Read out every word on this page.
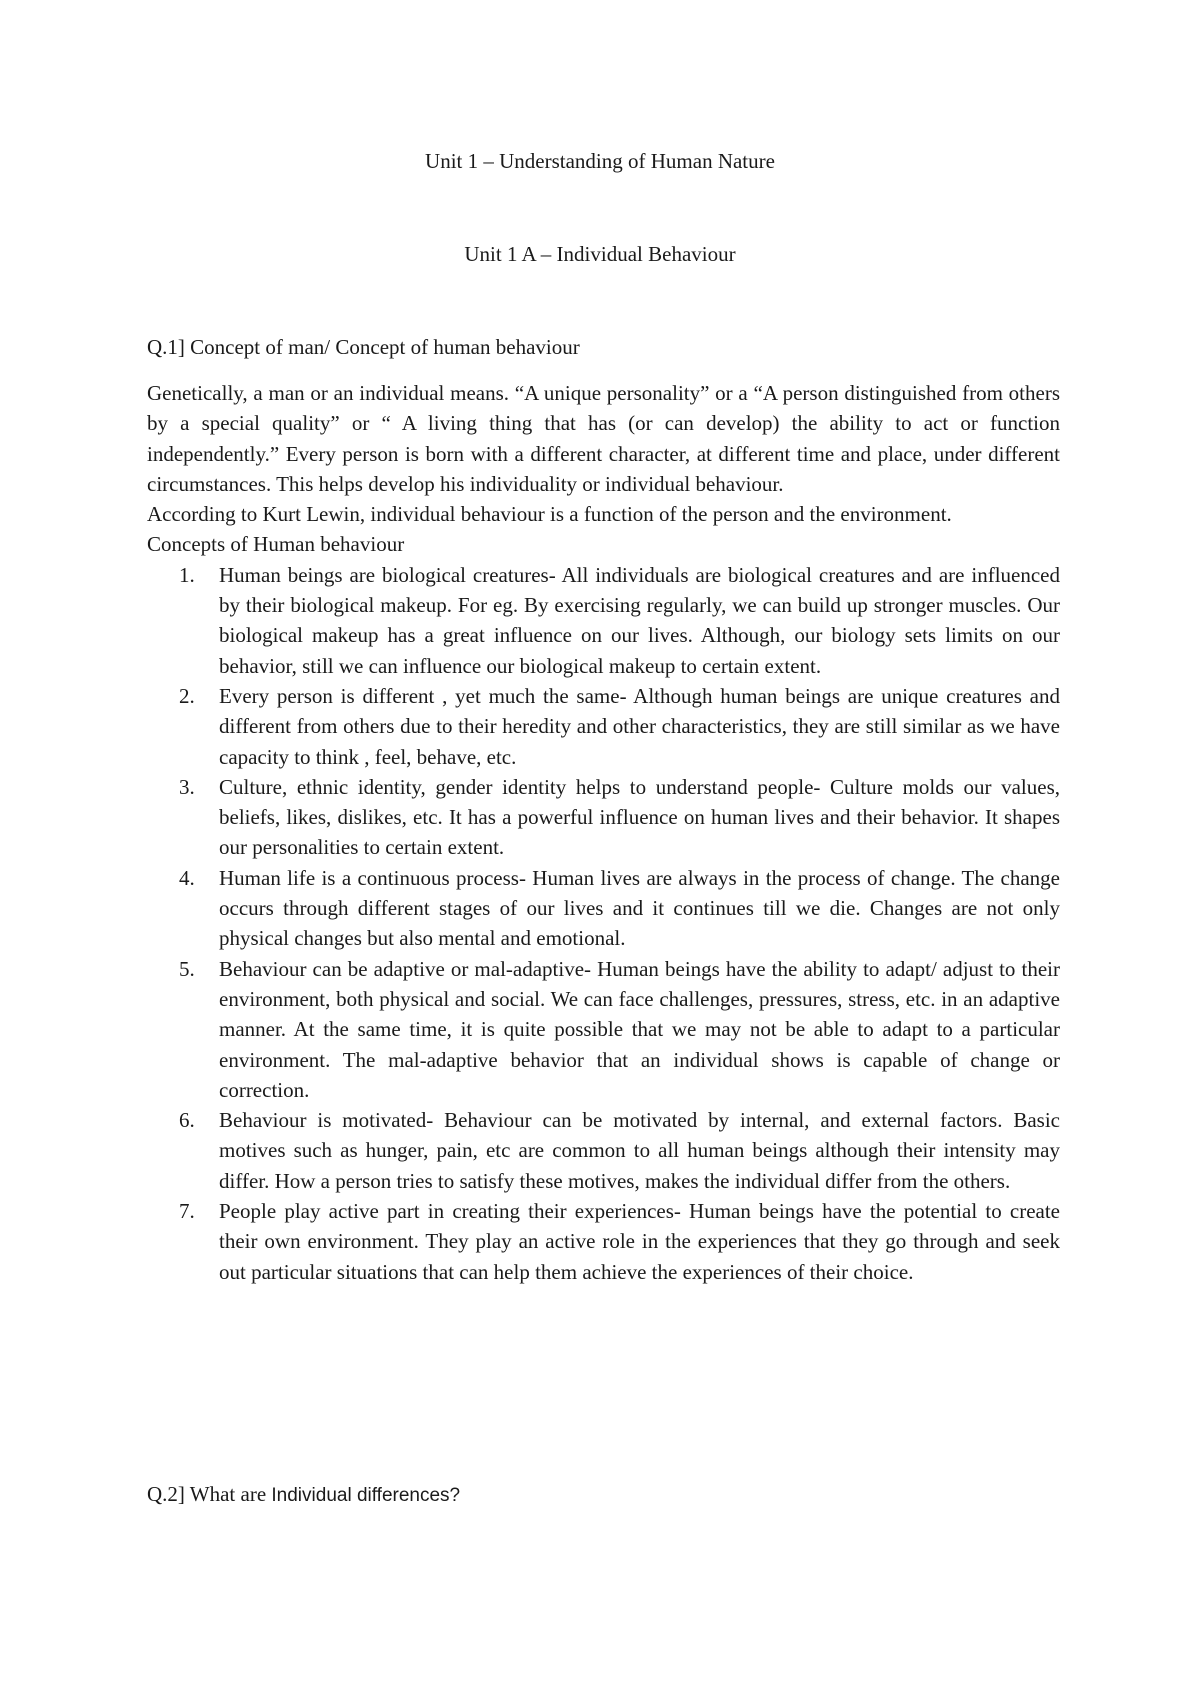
Unit 1 – Understanding of Human Nature
Unit 1 A – Individual Behaviour

Q.1] Concept of man/ Concept of human behaviour

Genetically, a man or an individual means. “A unique personality” or a “A person distinguished from others by a special quality” or “ A living thing that has (or can develop) the ability to act or function independently.” Every person is born with a different character, at different time and place, under different circumstances. This helps develop his individuality or individual behaviour.

According to Kurt Lewin, individual behaviour is a function of the person and the environment.

Concepts of Human behaviour

1. Human beings are biological creatures- All individuals are biological creatures and are influenced by their biological makeup. For eg. By exercising regularly, we can build up stronger muscles. Our biological makeup has a great influence on our lives. Although, our biology sets limits on our behavior, still we can influence our biological makeup to certain extent.
2. Every person is different , yet much the same- Although human beings are unique creatures and different from others due to their heredity and other characteristics, they are still similar as we have capacity to think , feel, behave, etc.
3. Culture, ethnic identity, gender identity helps to understand people- Culture molds our values, beliefs, likes, dislikes, etc. It has a powerful influence on human lives and their behavior. It shapes our personalities to certain extent.
4. Human life is a continuous process- Human lives are always in the process of change. The change occurs through different stages of our lives and it continues till we die. Changes are not only physical changes but also mental and emotional.
5. Behaviour can be adaptive or mal-adaptive- Human beings have the ability to adapt/ adjust to their environment, both physical and social. We can face challenges, pressures, stress, etc. in an adaptive manner. At the same time, it is quite possible that we may not be able to adapt to a particular environment. The mal-adaptive behavior that an individual shows is capable of change or correction.
6. Behaviour is motivated- Behaviour can be motivated by internal, and external factors. Basic motives such as hunger, pain, etc are common to all human beings although their intensity may differ. How a person tries to satisfy these motives, makes the individual differ from the others.
7. People play active part in creating their experiences- Human beings have the potential to create their own environment. They play an active role in the experiences that they go through and seek out particular situations that can help them achieve the experiences of their choice.

Q.2] What are Individual differences?
